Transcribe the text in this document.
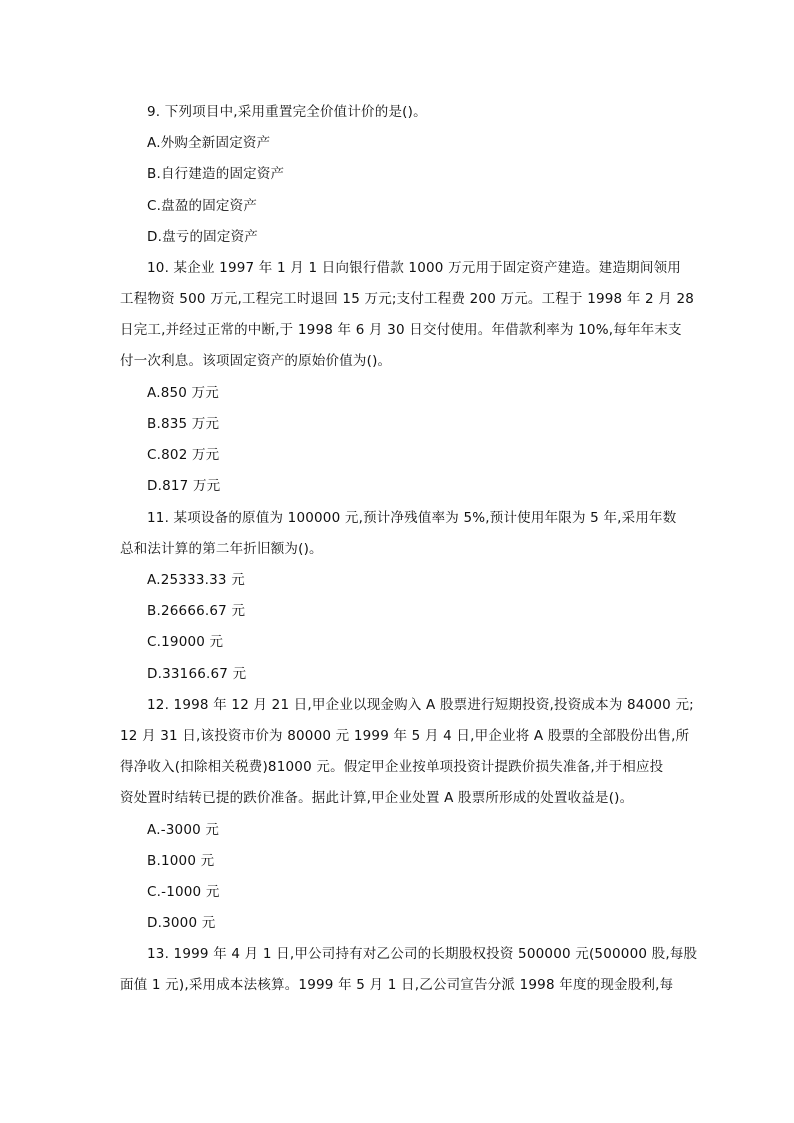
9. 下列项目中,采用重置完全价值计价的是()。
A.外购全新固定资产
B.自行建造的固定资产
C.盘盈的固定资产
D.盘亏的固定资产
10. 某企业 1997 年 1 月 1 日向银行借款 1000 万元用于固定资产建造。建造期间领用
工程物资 500 万元,工程完工时退回 15 万元;支付工程费 200 万元。工程于 1998 年 2 月 28
日完工,并经过正常的中断,于 1998 年 6 月 30 日交付使用。年借款利率为 10%,每年年末支
付一次利息。该项固定资产的原始价值为()。
A.850 万元
B.835 万元
C.802 万元
D.817 万元
11. 某项设备的原值为 100000 元,预计净残值率为 5%,预计使用年限为 5 年,采用年数
总和法计算的第二年折旧额为()。
A.25333.33 元
B.26666.67 元
C.19000 元
D.33166.67 元
12. 1998 年 12 月 21 日,甲企业以现金购入 A 股票进行短期投资,投资成本为 84000 元;
12 月 31 日,该投资市价为 80000 元 1999 年 5 月 4 日,甲企业将 A 股票的全部股份出售,所
得净收入(扣除相关税费)81000 元。假定甲企业按单项投资计提跌价损失准备,并于相应投
资处置时结转已提的跌价准备。据此计算,甲企业处置 A 股票所形成的处置收益是()。
A.-3000 元
B.1000 元
C.-1000 元
D.3000 元
13. 1999 年 4 月 1 日,甲公司持有对乙公司的长期股权投资 500000 元(500000 股,每股
面值 1 元),采用成本法核算。1999 年 5 月 1 日,乙公司宣告分派 1998 年度的现金股利,每
